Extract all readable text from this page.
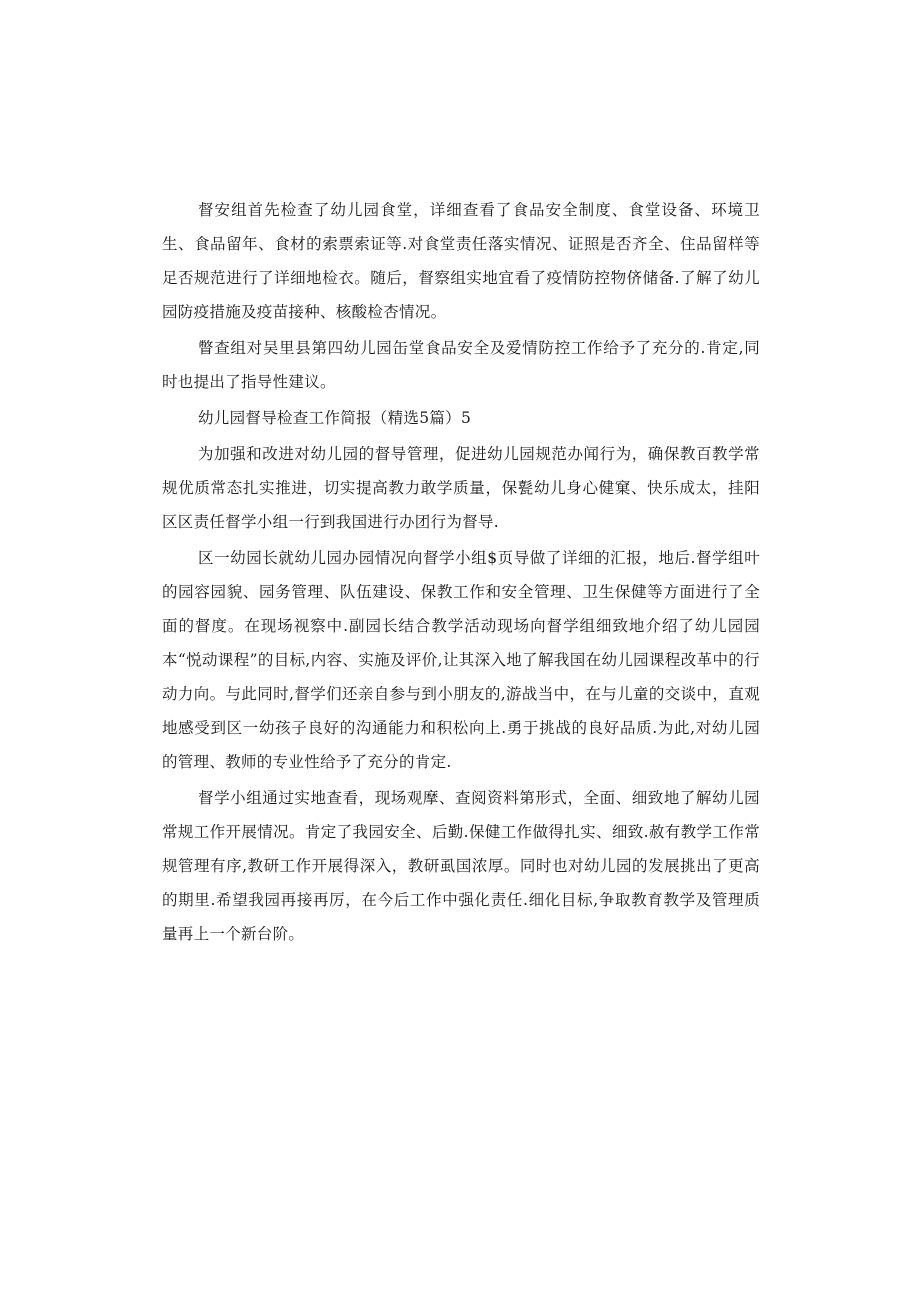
督安组首先检查了幼儿园食堂，详细查看了食品安全制度、食堂设备、环境卫生、食品留年、食材的索票索证等.对食堂责任落实情况、证照是否齐全、住品留样等足否规范进行了详细地检衣。随后，督察组实地宜看了疫情防控物侪储备.了解了幼儿园防疫措施及疫苗接种、核酸检杏情况。

瞥查组对吴里县第四幼儿园缶堂食品安全及爱情防控工作给予了充分的.肯定,同时也提出了指导性建议。

幼儿园督导检查工作简报（精选5篇）5

为加强和改进对幼儿园的督导管理，促进幼儿园规范办闻行为，确保教百教学常规优质常态扎实推进，切实提高教力敢学质量，保甏幼儿身心健窠、快乐成太，挂阳区区责任督学小组一行到我国进行办团行为督导.

区一幼园长就幼儿园办园情况向督学小组$页导做了详细的汇报，地后.督学组叶的园容园貌、园务管理、队伍建设、保教工作和安全管理、卫生保健等方面进行了全面的督度。在现场视察中.副园长结合教学活动现场向督学组细致地介绍了幼儿园园本“悦动课程”的目标,内容、实施及评价,让其深入地了解我国在幼儿园课程改革中的行动力向。与此同时,督学们还亲自参与到小朋友的,游战当中，在与儿童的交谈中，直观地感受到区一幼孩子良好的沟通能力和积松向上.勇于挑战的良好品质.为此,对幼儿园的管理、教师的专业性给予了充分的肯定.

督学小组通过实地查看，现场观摩、查阅资料第形式，全面、细致地了解幼儿园常规工作开展情况。肯定了我园安全、后勤.保健工作做得扎实、细致.赦有教学工作常规管理有序,教研工作开展得深入，教研虱国浓厚。同时也对幼儿园的发展挑出了更高的期里.希望我园再接再厉，在今后工作中强化责任.细化目标,争取教育教学及管理质量再上一个新台阶。
